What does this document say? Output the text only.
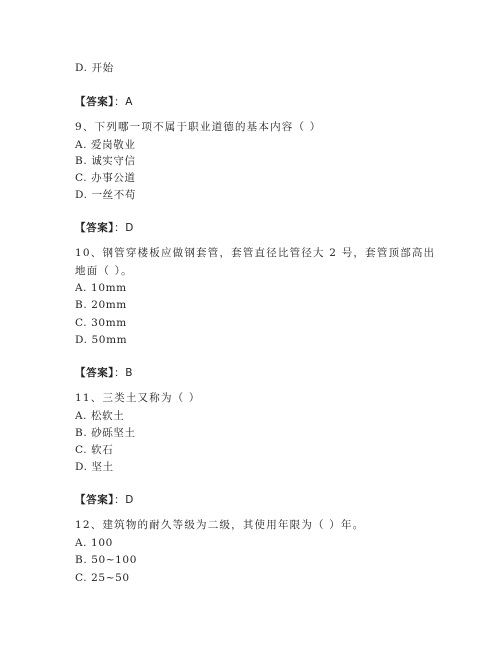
D. 开始
【答案】：A
9、下列哪一项不属于职业道德的基本内容（ ）
A. 爱岗敬业
B. 诚实守信
C. 办事公道
D. 一丝不苟
【答案】：D
10、钢管穿楼板应做钢套管，套管直径比管径大 2 号，套管顶部高出
地面（ ）。
A. 10mm
B. 20mm
C. 30mm
D. 50mm
【答案】：B
11、三类土又称为（ ）
A. 松软土
B. 砂砾坚土
C. 软石
D. 坚土
【答案】：D
12、建筑物的耐久等级为二级，其使用年限为（ ）年。
A. 100
B. 50~100
C. 25~50
